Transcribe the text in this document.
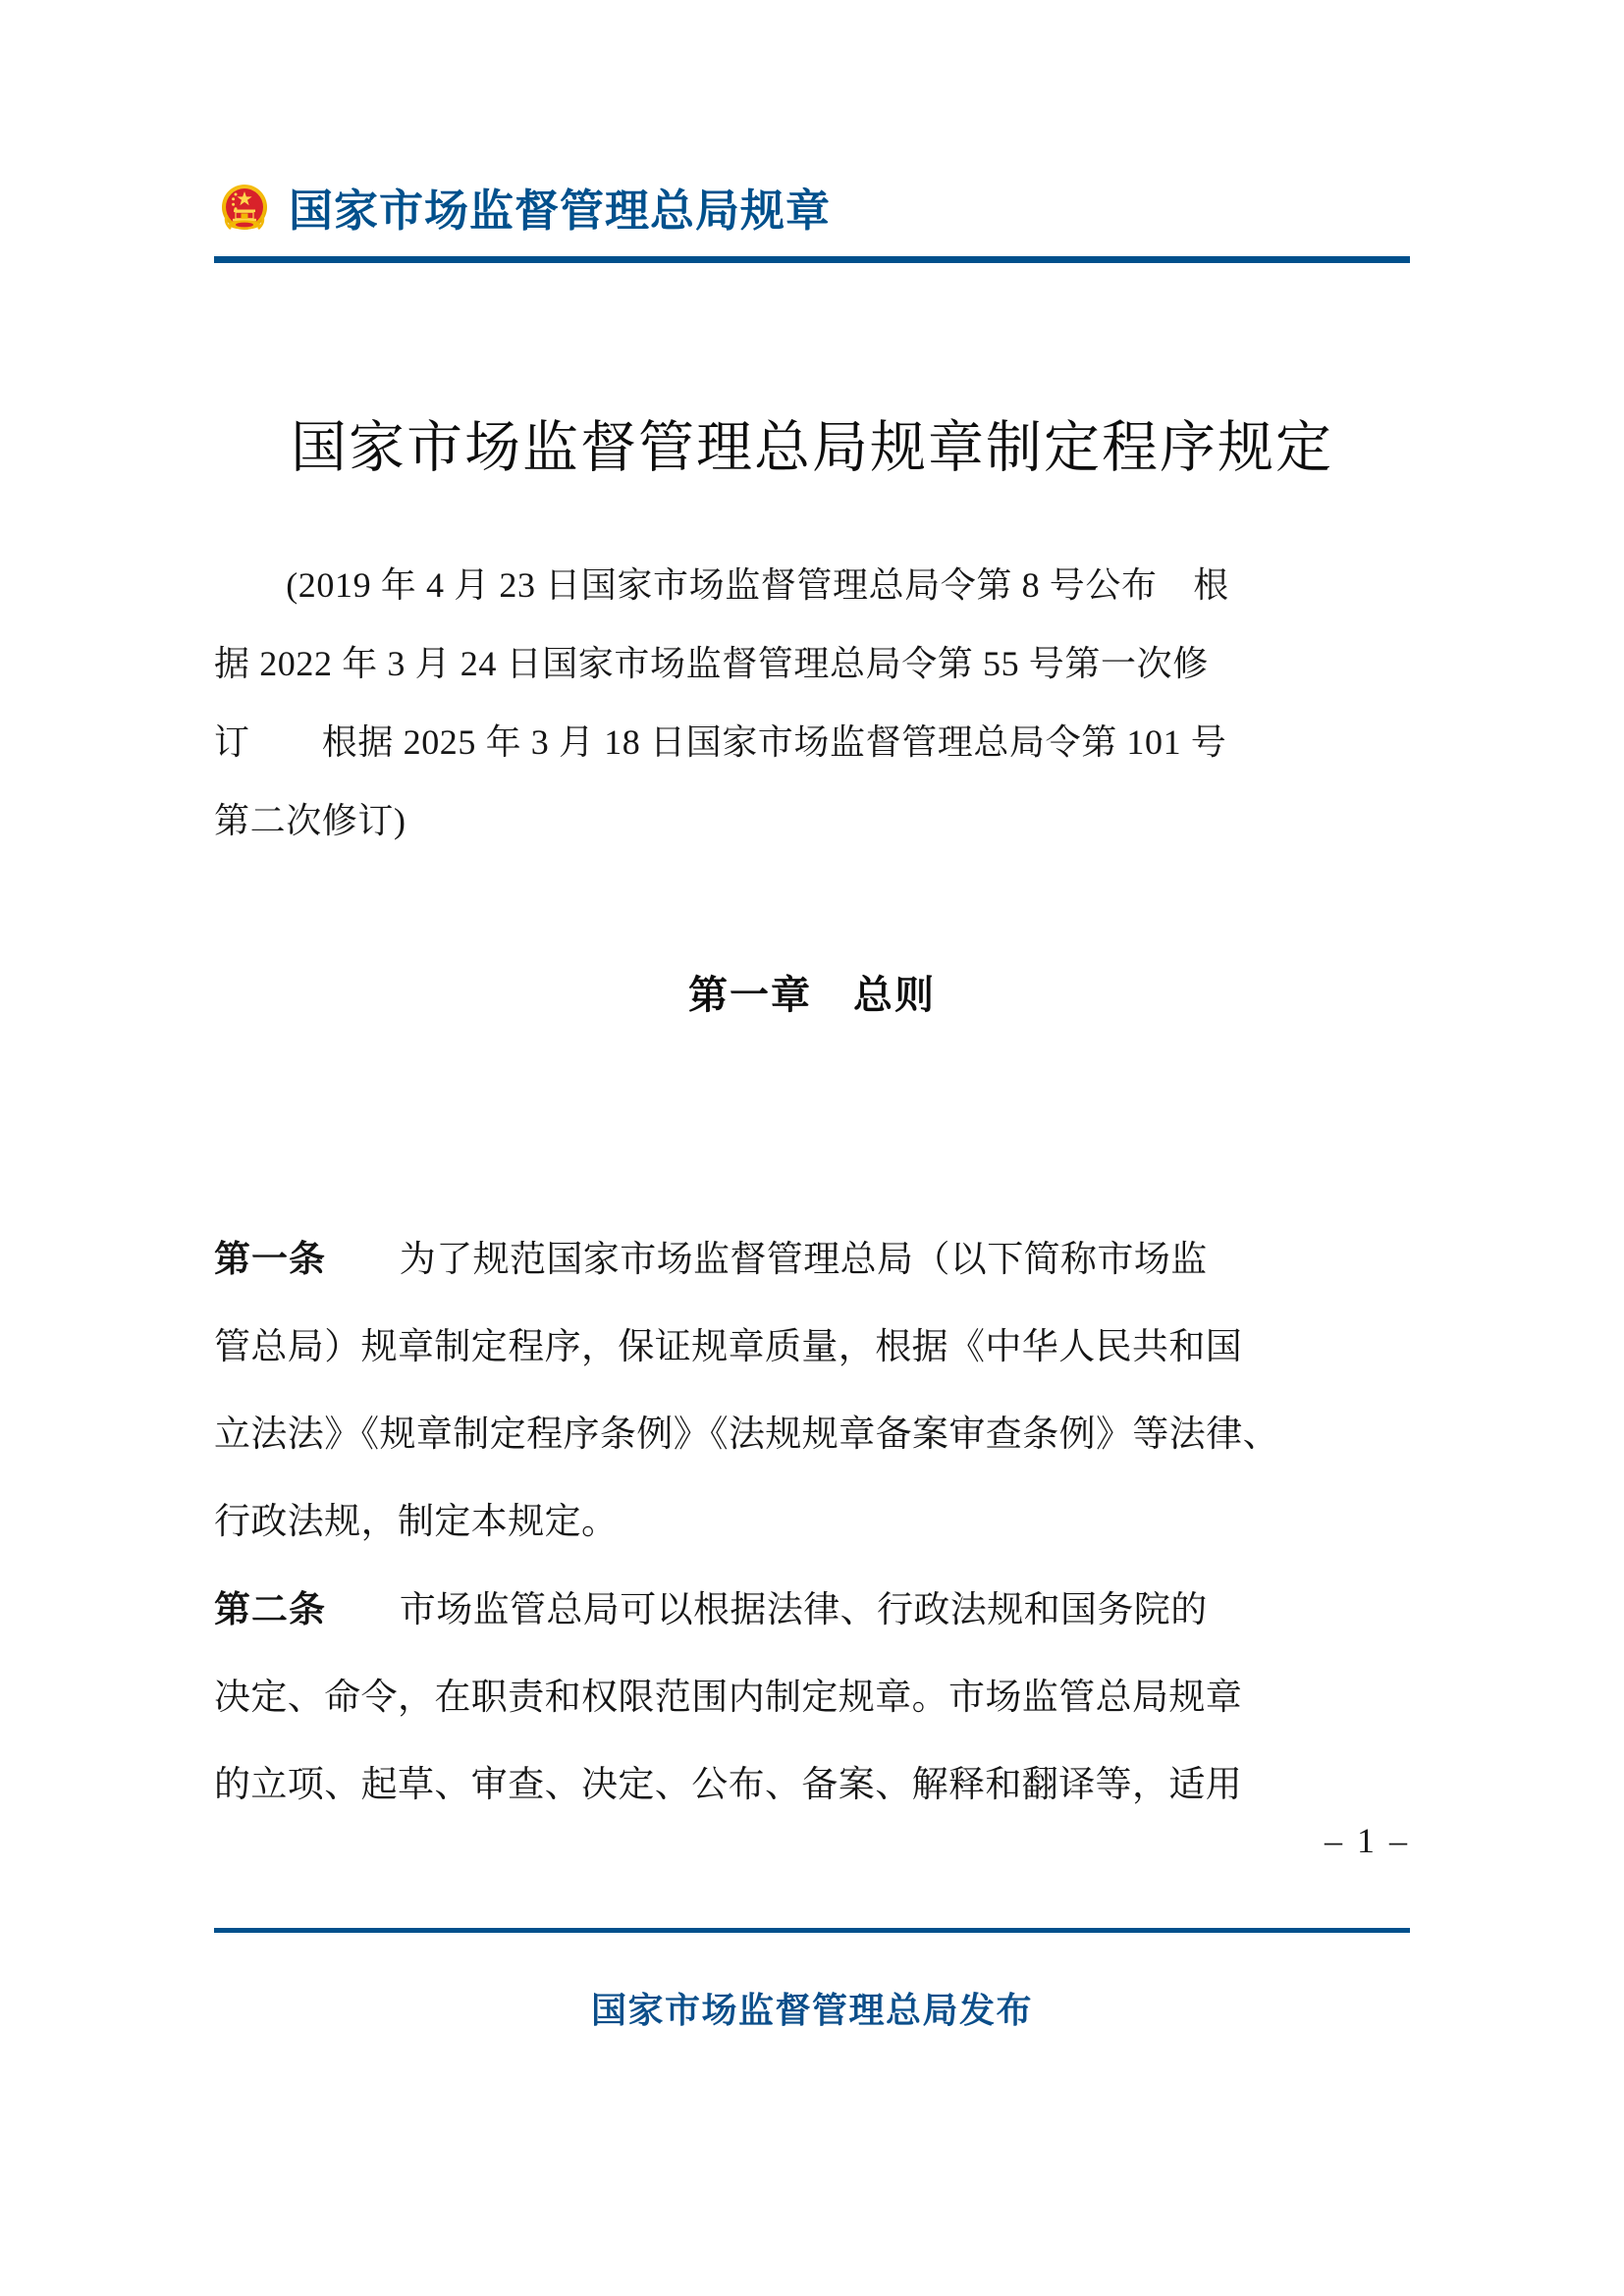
国家市场监督管理总局规章
国家市场监督管理总局规章制定程序规定
　　(2019 年 4 月 23 日国家市场监督管理总局令第 8 号公布　根
据 2022 年 3 月 24 日国家市场监督管理总局令第 55 号第一次修
订　　根据 2025 年 3 月 18 日国家市场监督管理总局令第 101 号
第二次修订)
第一章　总则
第一条　　为了规范国家市场监督管理总局（以下简称市场监
管总局）规章制定程序，保证规章质量，根据《中华人民共和国
立法法》《规章制定程序条例》《法规规章备案审查条例》等法律、
行政法规，制定本规定。
第二条　　市场监管总局可以根据法律、行政法规和国务院的
决定、命令，在职责和权限范围内制定规章。市场监管总局规章
的立项、起草、审查、决定、公布、备案、解释和翻译等，适用
– 1 –
国家市场监督管理总局发布
